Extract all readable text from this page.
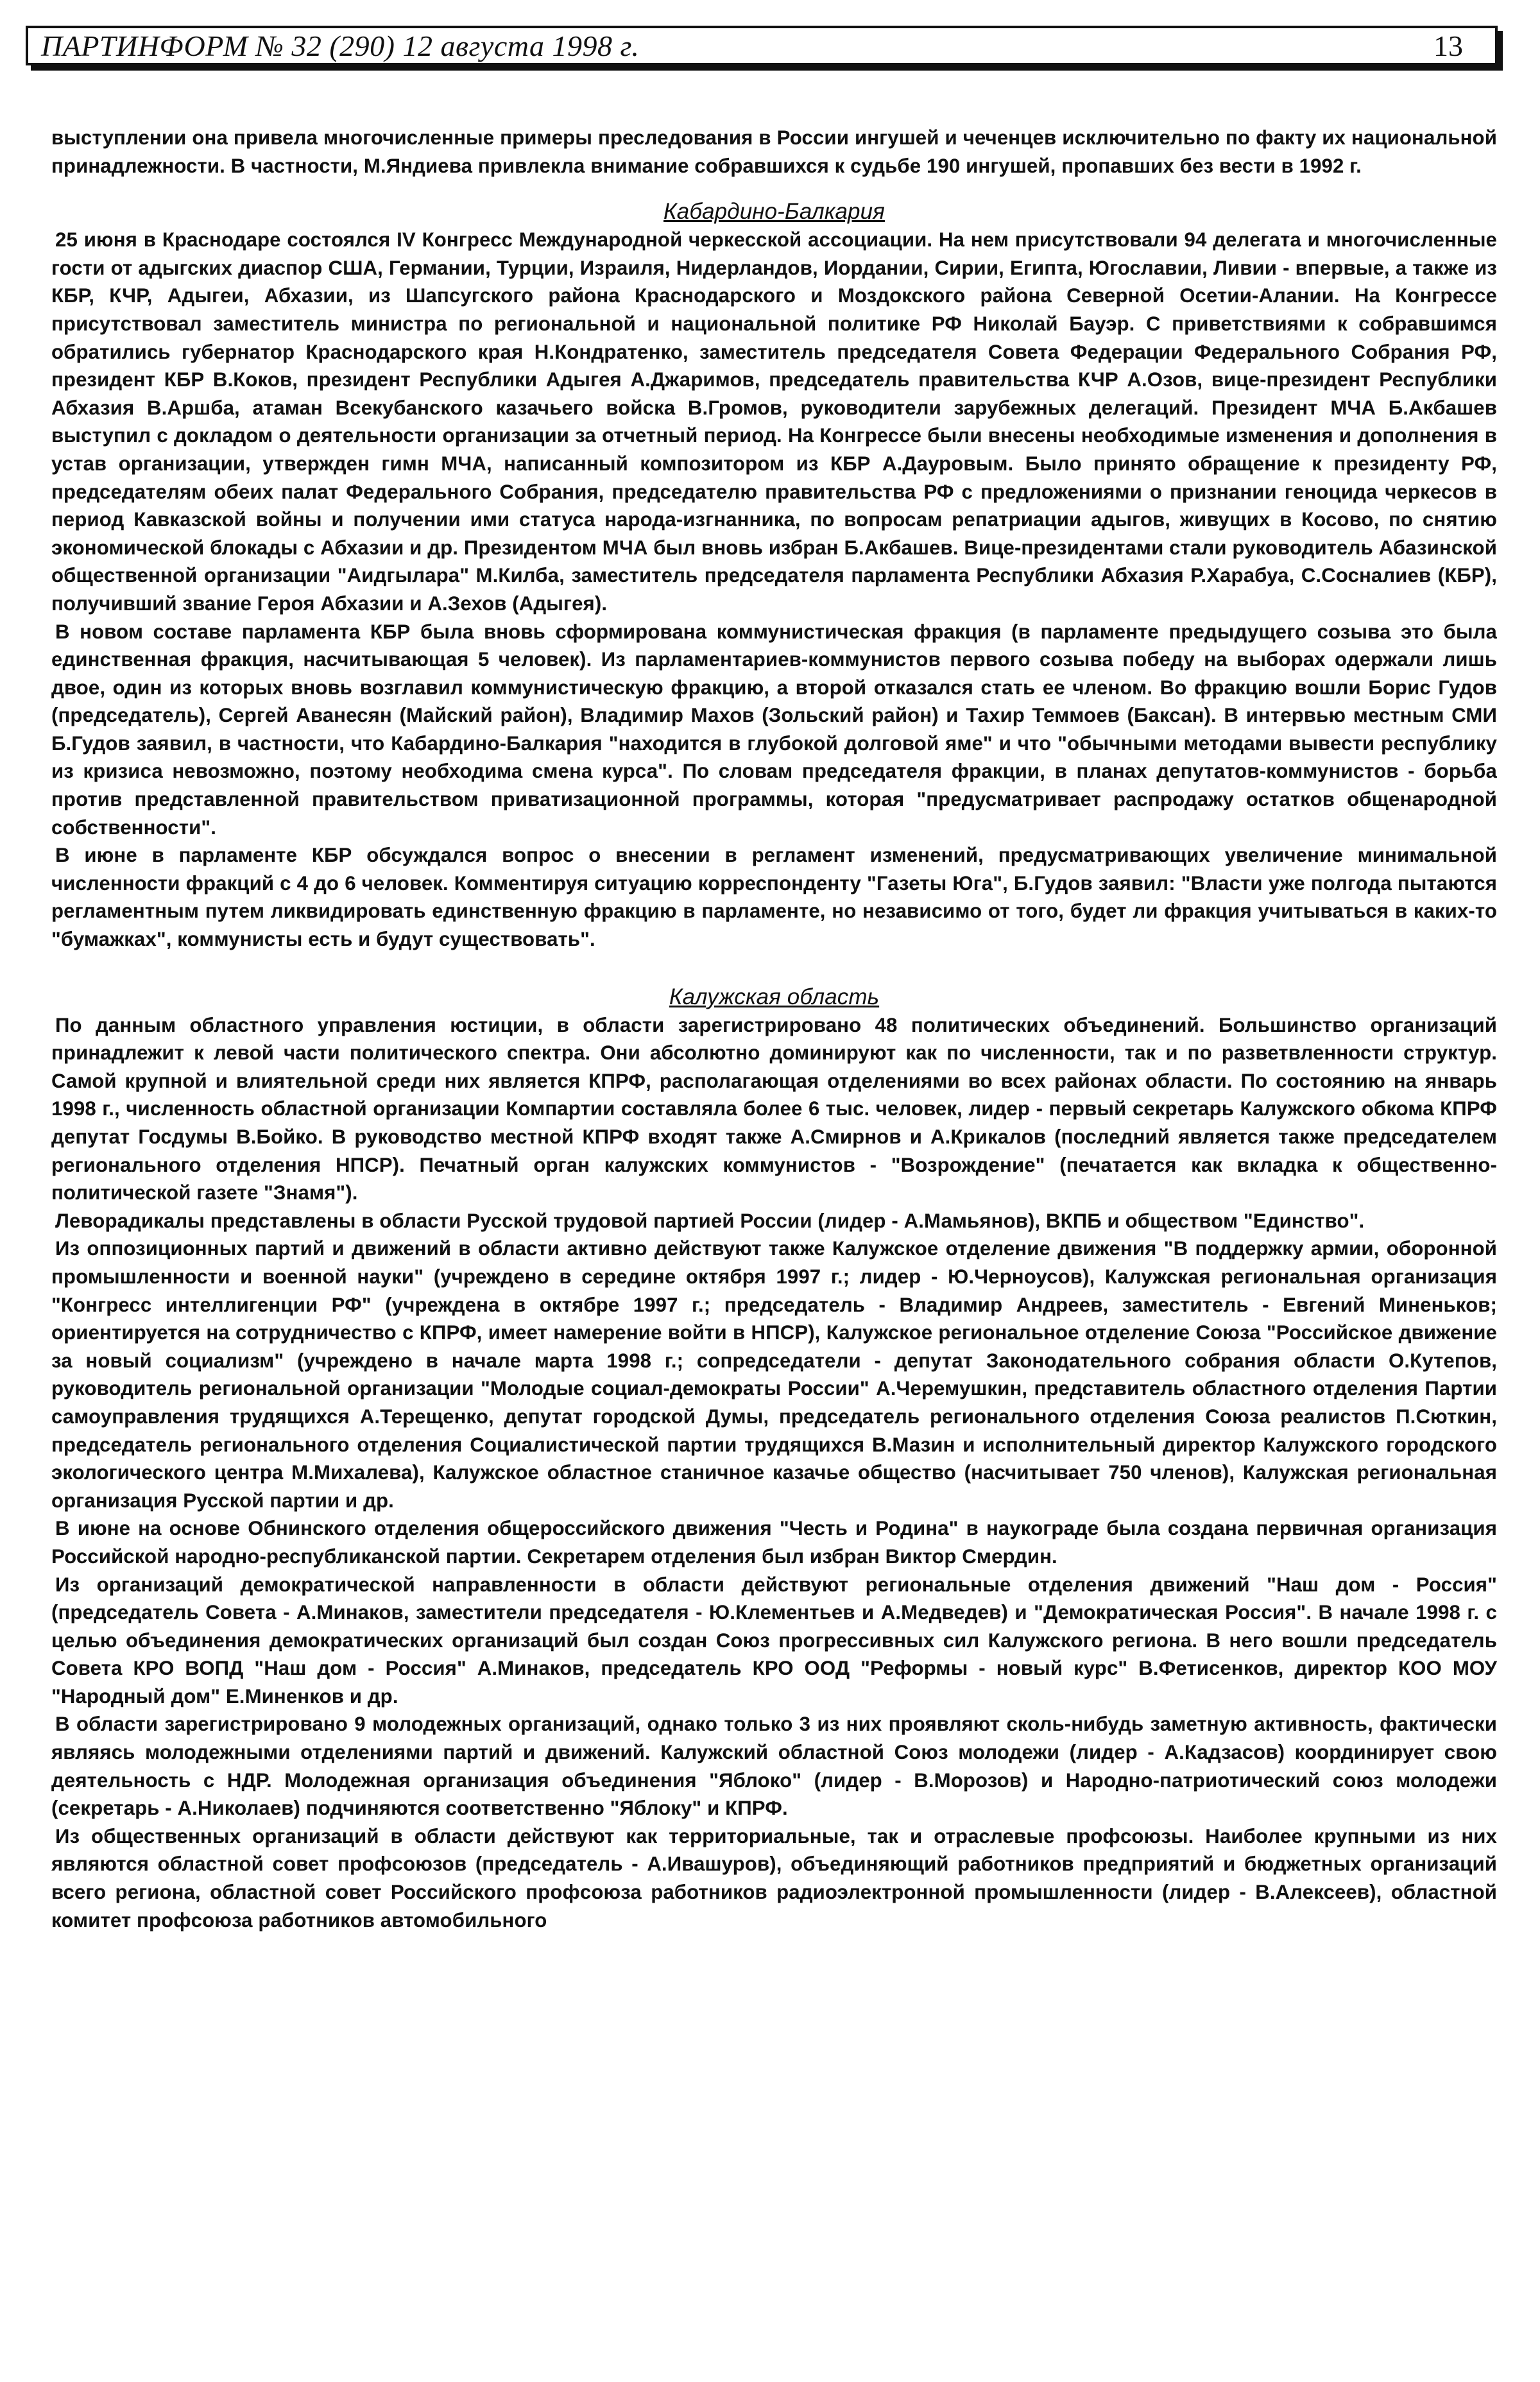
ПАРТИНФОРМ № 32 (290) 12 августа 1998 г.	13

выступлении она привела многочисленные примеры преследования в России ингушей и чеченцев исключительно по факту их национальной принадлежности. В частности, М.Яндиева привлекла внимание собравшихся к судьбе 190 ингушей, пропавших без вести в 1992 г.

Кабардино-Балкария

25 июня в Краснодаре состоялся IV Конгресс Международной черкесской ассоциации. На нем присутствовали 94 делегата и многочисленные гости от адыгских диаспор США, Германии, Турции, Израиля, Нидерландов, Иордании, Сирии, Египта, Югославии, Ливии - впервые, а также из КБР, КЧР, Адыгеи, Абхазии, из Шапсугского района Краснодарского и Моздокского района Северной Осетии-Алании. На Конгрессе присутствовал заместитель министра по региональной и национальной политике РФ Николай Бауэр. С приветствиями к собравшимся обратились губернатор Краснодарского края Н.Кондратенко, заместитель председателя Совета Федерации Федерального Собрания РФ, президент КБР В.Коков, президент Республики Адыгея А.Джаримов, председатель правительства КЧР А.Озов, вице-президент Республики Абхазия В.Аршба, атаман Всекубанского казачьего войска В.Громов, руководители зарубежных делегаций. Президент МЧА Б.Акбашев выступил с докладом о деятельности организации за отчетный период. На Конгрессе были внесены необходимые изменения и дополнения в устав организации, утвержден гимн МЧА, написанный композитором из КБР А.Дауровым. Было принято обращение к президенту РФ, председателям обеих палат Федерального Собрания, председателю правительства РФ с предложениями о признании геноцида черкесов в период Кавказской войны и получении ими статуса народа-изгнанника, по вопросам репатриации адыгов, живущих в Косово, по снятию экономической блокады с Абхазии и др. Президентом МЧА был вновь избран Б.Акбашев. Вице-президентами стали руководитель Абазинской общественной организации "Аидгылара" М.Килба, заместитель председателя парламента Республики Абхазия Р.Харабуа, С.Сосналиев (КБР), получивший звание Героя Абхазии и А.Зехов (Адыгея).

В новом составе парламента КБР была вновь сформирована коммунистическая фракция (в парламенте предыдущего созыва это была единственная фракция, насчитывающая 5 человек). Из парламентариев-коммунистов первого созыва победу на выборах одержали лишь двое, один из которых вновь возглавил коммунистическую фракцию, а второй отказался стать ее членом. Во фракцию вошли Борис Гудов (председатель), Сергей Аванесян (Майский район), Владимир Махов (Зольский район) и Тахир Теммоев (Баксан). В интервью местным СМИ Б.Гудов заявил, в частности, что Кабардино-Балкария "находится в глубокой долговой яме" и что "обычными методами вывести республику из кризиса невозможно, поэтому необходима смена курса". По словам председателя фракции, в планах депутатов-коммунистов - борьба против представленной правительством приватизационной программы, которая "предусматривает распродажу остатков общенародной собственности".

В июне в парламенте КБР обсуждался вопрос о внесении в регламент изменений, предусматривающих увеличение минимальной численности фракций с 4 до 6 человек. Комментируя ситуацию корреспонденту "Газеты Юга", Б.Гудов заявил: "Власти уже полгода пытаются регламентным путем ликвидировать единственную фракцию в парламенте, но независимо от того, будет ли фракция учитываться в каких-то "бумажках", коммунисты есть и будут существовать".

Калужская область

По данным областного управления юстиции, в области зарегистрировано 48 политических объединений. Большинство организаций принадлежит к левой части политического спектра. Они абсолютно доминируют как по численности, так и по разветвленности структур. Самой крупной и влиятельной среди них является КПРФ, располагающая отделениями во всех районах области. По состоянию на январь 1998 г., численность областной организации Компартии составляла более 6 тыс. человек, лидер - первый секретарь Калужского обкома КПРФ депутат Госдумы В.Бойко. В руководство местной КПРФ входят также А.Смирнов и А.Крикалов (последний является также председателем регионального отделения НПСР). Печатный орган калужских коммунистов - "Возрождение" (печатается как вкладка к общественно-политической газете "Знамя").

Леворадикалы представлены в области Русской трудовой партией России (лидер - А.Мамьянов), ВКПБ и обществом "Единство".

Из оппозиционных партий и движений в области активно действуют также Калужское отделение движения "В поддержку армии, оборонной промышленности и военной науки" (учреждено в середине октября 1997 г.; лидер - Ю.Черноусов), Калужская региональная организация "Конгресс интеллигенции РФ" (учреждена в октябре 1997 г.; председатель - Владимир Андреев, заместитель - Евгений Миненьков; ориентируется на сотрудничество с КПРФ, имеет намерение войти в НПСР), Калужское региональное отделение Союза "Российское движение за новый социализм" (учреждено в начале марта 1998 г.; сопредседатели - депутат Законодательного собрания области О.Кутепов, руководитель региональной организации "Молодые социал-демократы России" А.Черемушкин, представитель областного отделения Партии самоуправления трудящихся А.Терещенко, депутат городской Думы, председатель регионального отделения Союза реалистов П.Сюткин, председатель регионального отделения Социалистической партии трудящихся В.Мазин и исполнительный директор Калужского городского экологического центра М.Михалева), Калужское областное станичное казачье общество (насчитывает 750 членов), Калужская региональная организация Русской партии и др.

В июне на основе Обнинского отделения общероссийского движения "Честь и Родина" в наукограде была создана первичная организация Российской народно-республиканской партии. Секретарем отделения был избран Виктор Смердин.

Из организаций демократической направленности в области действуют региональные отделения движений "Наш дом - Россия" (председатель Совета - А.Минаков, заместители председателя - Ю.Клементьев и А.Медведев) и "Демократическая Россия". В начале 1998 г. с целью объединения демократических организаций был создан Союз прогрессивных сил Калужского региона. В него вошли председатель Совета КРО ВОПД "Наш дом - Россия" А.Минаков, председатель КРО ООД "Реформы - новый курс" В.Фетисенков, директор КОО МОУ "Народный дом" Е.Миненков и др.

В области зарегистрировано 9 молодежных организаций, однако только 3 из них проявляют сколь-нибудь заметную активность, фактически являясь молодежными отделениями партий и движений. Калужский областной Союз молодежи (лидер - А.Кадзасов) координирует свою деятельность с НДР. Молодежная организация объединения "Яблоко" (лидер - В.Морозов) и Народно-патриотический союз молодежи (секретарь - А.Николаев) подчиняются соответственно "Яблоку" и КПРФ.

Из общественных организаций в области действуют как территориальные, так и отраслевые профсоюзы. Наиболее крупными из них являются областной совет профсоюзов (председатель - А.Ивашуров), объединяющий работников предприятий и бюджетных организаций всего региона, областной совет Российского профсоюза работников радиоэлектронной промышленности (лидер - В.Алексеев), областной комитет профсоюза работников автомобильного
